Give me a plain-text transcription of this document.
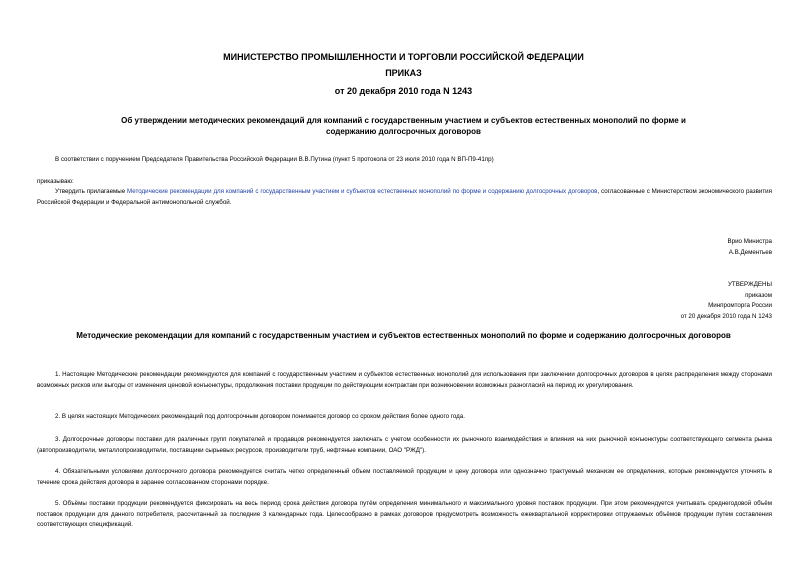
МИНИСТЕРСТВО ПРОМЫШЛЕННОСТИ И ТОРГОВЛИ РОССИЙСКОЙ ФЕДЕРАЦИИ
ПРИКАЗ
от 20 декабря 2010 года N 1243
Об утверждении методических рекомендаций для компаний с государственным участием и субъектов естественных монополий по форме и содержанию долгосрочных договоров
В соответствии с поручением Председателя Правительства Российской Федерации В.В.Путина (пункт 5 протокола от 23 июля 2010 года N ВП-П9-41пр)
приказываю:
Утвердить прилагаемые Методические рекомендации для компаний с государственным участием и субъектов естественных монополий по форме и содержанию долгосрочных договоров, согласованные с Министерством экономического развития Российской Федерации и Федеральной антимонопольной службой.
Врио Министра
А.В.Дементьев
УТВЕРЖДЕНЫ
приказом
Минпромторга России
от 20 декабря 2010 года N 1243
Методические рекомендации для компаний с государственным участием и субъектов естественных монополий по форме и содержанию долгосрочных договоров
1. Настоящие Методические рекомендации рекомендуются для компаний с государственным участием и субъектов естественных монополий для использования при заключении долгосрочных договоров в целях распределения между сторонами возможных рисков или выгоды от изменения ценовой конъюнктуры, продолжения поставки продукции по действующим контрактам при возникновении возможных разногласий на период их урегулирования.
2. В целях настоящих Методических рекомендаций под долгосрочным договором понимается договор со сроком действия более одного года.
3. Долгосрочные договоры поставки для различных групп покупателей и продавцов рекомендуется заключать с учетом особенности их рыночного взаимодействия и влияния на них рыночной конъюнктуры соответствующего сегмента рынка (автопроизводители, металлопроизводители, поставщики сырьевых ресурсов, производители труб, нефтяные компании, ОАО "РЖД").
4. Обязательными условиями долгосрочного договора рекомендуется считать четко определенный объем поставляемой продукции и цену договора или однозначно трактуемый механизм ее определения, которые рекомендуется уточнять в течение срока действия договора в заранее согласованном сторонами порядке.
5. Объёмы поставки продукции рекомендуется фиксировать на весь период срока действия договора путём определения минимального и максимального уровня поставок продукции. При этом рекомендуется учитывать среднегодовой объём поставок продукции для данного потребителя, рассчитанный за последние 3 календарных года. Целесообразно в рамках договоров предусмотреть возможность ежеквартальной корректировки отгружаемых объёмов продукции путем составления соответствующих спецификаций.
